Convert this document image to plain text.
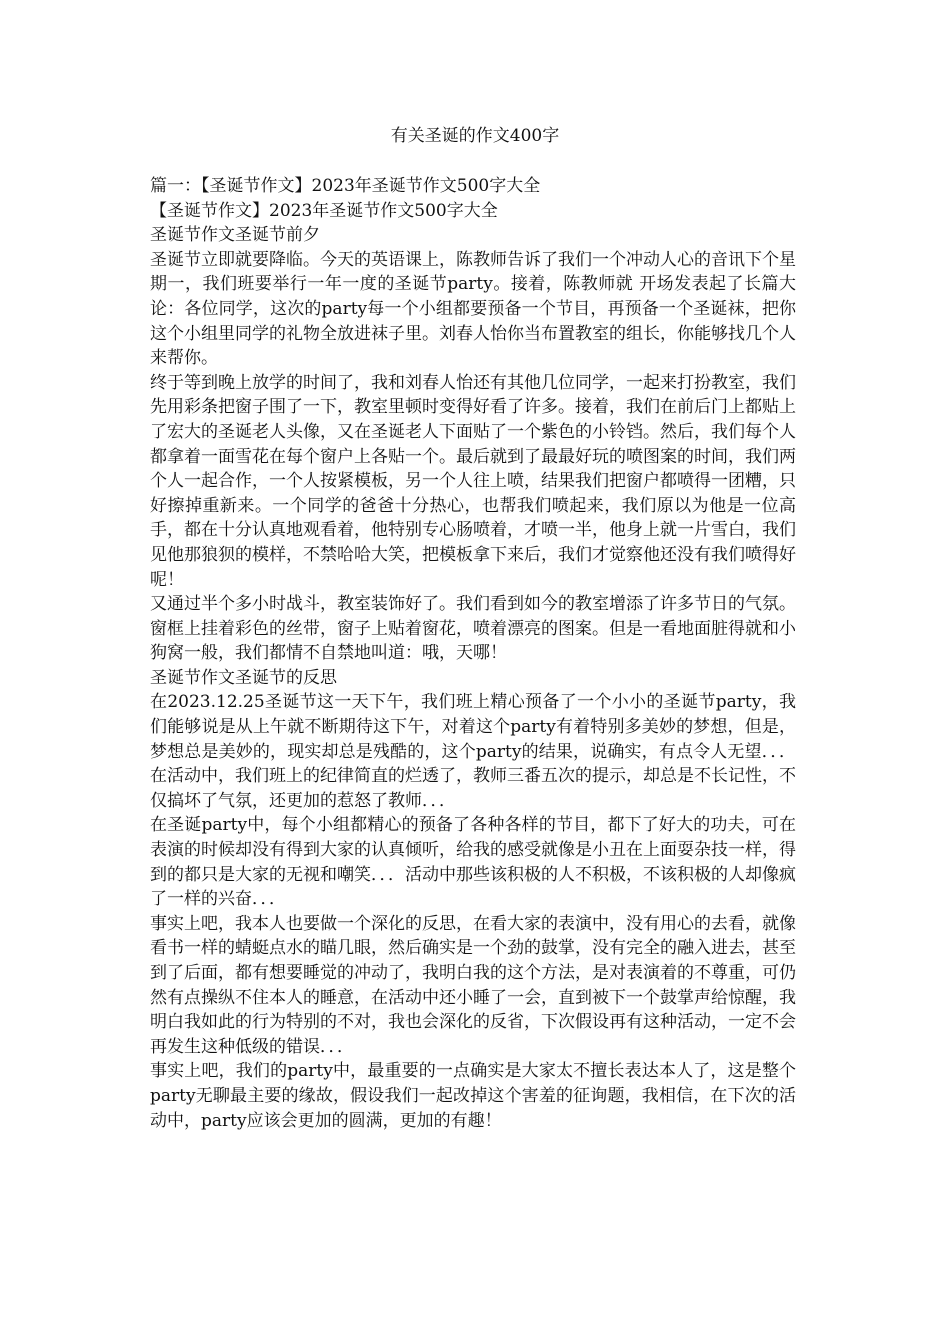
有关圣诞的作文400字

篇一：【圣诞节作文】2023年圣诞节作文500字大全

【圣诞节作文】2023年圣诞节作文500字大全

圣诞节作文圣诞节前夕

圣诞节立即就要降临。今天的英语课上，陈教师告诉了我们一个冲动人心的音讯下个星期一，我们班要举行一年一度的圣诞节party。接着，陈教师就 开场发表起了长篇大论：各位同学，这次的party每一个小组都要预备一个节目，再预备一个圣诞袜，把你这个小组里同学的礼物全放进袜子里。刘春人怡你当布置教室的组长，你能够找几个人来帮你。

终于等到晚上放学的时间了，我和刘春人怡还有其他几位同学，一起来打扮教室，我们先用彩条把窗子围了一下，教室里顿时变得好看了许多。接着，我们在前后门上都贴上了宏大的圣诞老人头像，又在圣诞老人下面贴了一个紫色的小铃铛。然后，我们每个人都拿着一面雪花在每个窗户上各贴一个。最后就到了最最好玩的喷图案的时间，我们两个人一起合作，一个人按紧模板，另一个人往上喷，结果我们把窗户都喷得一团糟，只好擦掉重新来。一个同学的爸爸十分热心，也帮我们喷起来，我们原以为他是一位高手，都在十分认真地观看着，他特别专心肠喷着，才喷一半，他身上就一片雪白，我们见他那狼狈的模样，不禁哈哈大笑，把模板拿下来后，我们才觉察他还没有我们喷得好呢！

又通过半个多小时战斗，教室装饰好了。我们看到如今的教室增添了许多节日的气氛。窗框上挂着彩色的丝带，窗子上贴着窗花，喷着漂亮的图案。但是一看地面脏得就和小狗窝一般，我们都情不自禁地叫道：哦，天哪！

圣诞节作文圣诞节的反思

在2023.12.25圣诞节这一天下午，我们班上精心预备了一个小小的圣诞节party，我们能够说是从上午就不断期待这下午，对着这个party有着特别多美妙的梦想，但是，梦想总是美妙的，现实却总是残酷的，这个party的结果，说确实，有点令人无望．．．在活动中，我们班上的纪律简直的烂透了，教师三番五次的提示，却总是不长记性，不仅搞坏了气氛，还更加的惹怒了教师．．．

在圣诞party中，每个小组都精心的预备了各种各样的节目，都下了好大的功夫，可在表演的时候却没有得到大家的认真倾听，给我的感受就像是小丑在上面耍杂技一样，得到的都只是大家的无视和嘲笑．．．活动中那些该积极的人不积极，不该积极的人却像疯了一样的兴奋．．．

事实上吧，我本人也要做一个深化的反思，在看大家的表演中，没有用心的去看，就像看书一样的蜻蜓点水的瞄几眼，然后确实是一个劲的鼓掌，没有完全的融入进去，甚至到了后面，都有想要睡觉的冲动了，我明白我的这个方法，是对表演着的不尊重，可仍然有点操纵不住本人的睡意，在活动中还小睡了一会，直到被下一个鼓掌声给惊醒，我明白我如此的行为特别的不对，我也会深化的反省，下次假设再有这种活动，一定不会再发生这种低级的错误．．．

事实上吧，我们的party中，最重要的一点确实是大家太不擅长表达本人了，这是整个party无聊最主要的缘故，假设我们一起改掉这个害羞的征询题，我相信，在下次的活动中，party应该会更加的圆满，更加的有趣！
